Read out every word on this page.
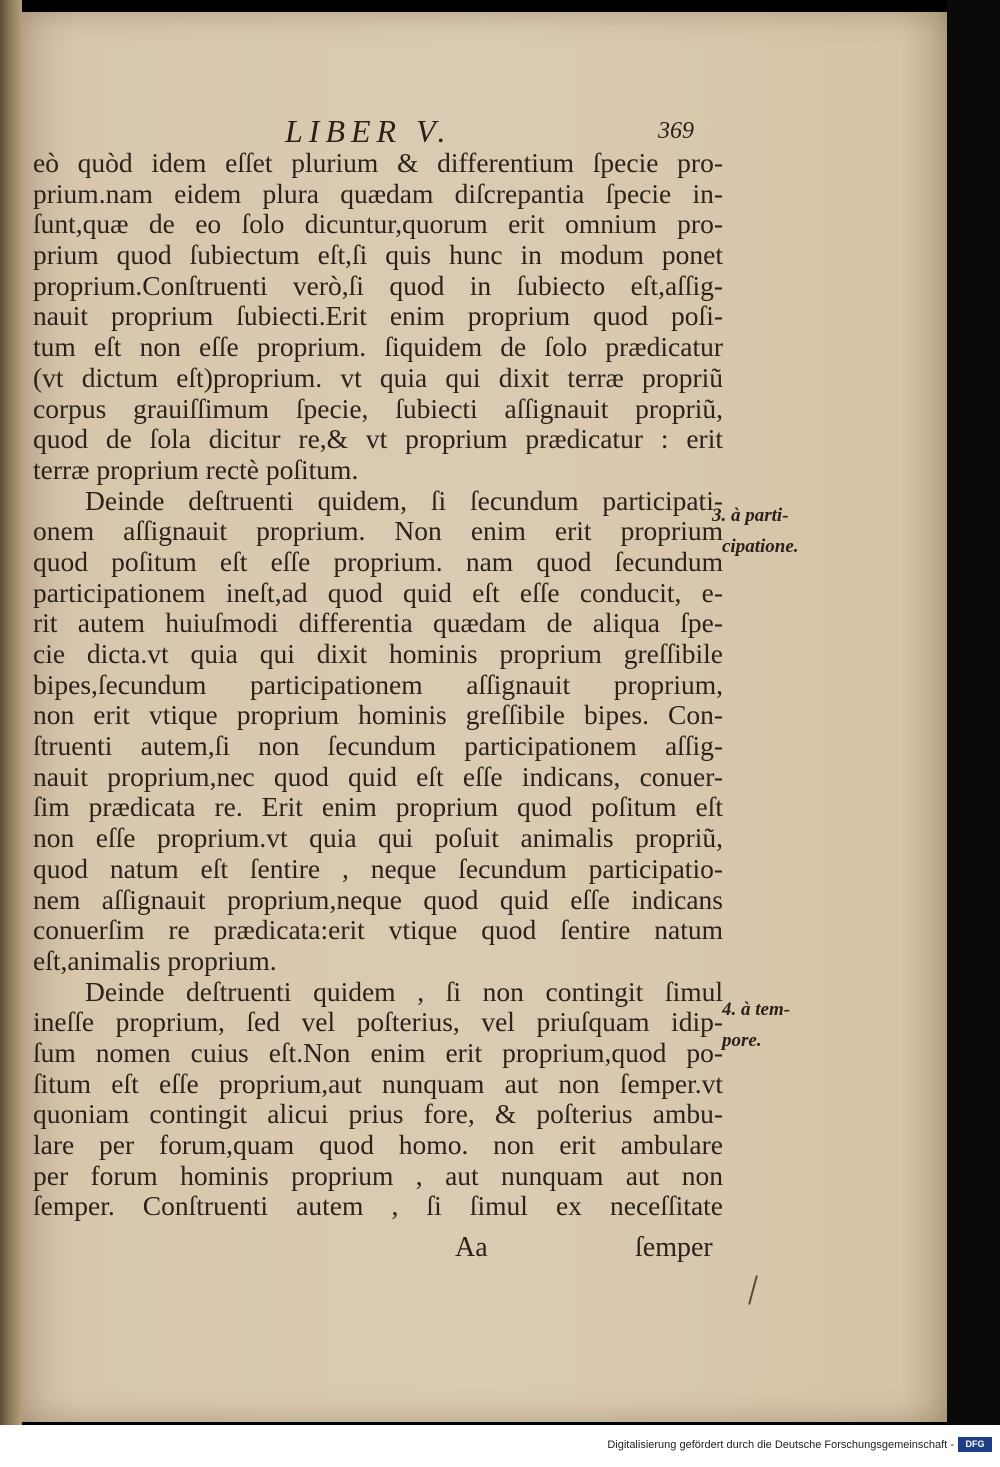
LIBER V.	369
eò quòd idem eſſet plurium & differentium ſpecie pro-
prium.nam eidem plura quædam diſcrepantia ſpecie in-
ſunt,quæ de eo ſolo dicuntur,quorum erit omnium pro-
prium quod ſubiectum eſt,ſi quis hunc in modum ponet
proprium.Conſtruenti verò,ſi quod in ſubiecto eſt,aſſig-
nauit proprium ſubiecti.Erit enim proprium quod poſi-
tum eſt non eſſe proprium. ſiquidem de ſolo prædicatur
(vt dictum eſt)proprium. vt quia qui dixit terræ propriũ
corpus grauiſſimum ſpecie, ſubiecti aſſignauit propriũ,
quod de ſola dicitur re,& vt proprium prædicatur : erit
terræ proprium rectè poſitum.
Deinde deſtruenti quidem, ſi ſecundum participati-
onem aſſignauit proprium. Non enim erit proprium
quod poſitum eſt eſſe proprium. nam quod ſecundum
participationem ineſt,ad quod quid eſt eſſe conducit, e-
rit autem huiuſmodi differentia quædam de aliqua ſpe-
cie dicta.vt quia qui dixit hominis proprium greſſibile
bipes,ſecundum participationem aſſignauit proprium,
non erit vtique proprium hominis greſſibile bipes. Con-
ſtruenti autem,ſi non ſecundum participationem aſſig-
nauit proprium,nec quod quid eſt eſſe indicans, conuer-
ſim prædicata re. Erit enim proprium quod poſitum eſt
non eſſe proprium.vt quia qui poſuit animalis propriũ,
quod natum eſt ſentire , neque ſecundum participatio-
nem aſſignauit proprium,neque quod quid eſſe indicans
conuerſim re prædicata:erit vtique quod ſentire natum
eſt,animalis proprium.
Deinde deſtruenti quidem , ſi non contingit ſimul
ineſſe proprium, ſed vel poſterius, vel priuſquam idip-
ſum nomen cuius eſt.Non enim erit proprium,quod po-
ſitum eſt eſſe proprium,aut nunquam aut non ſemper.vt
quoniam contingit alicui prius fore, & poſterius ambu-
lare per forum,quam quod homo. non erit ambulare
per forum hominis proprium , aut nunquam aut non
ſemper. Conſtruenti autem , ſi ſimul ex neceſſitate
3. à parti-
cipatione.
4. à tem-
pore.
Aa	ſemper
Digitalisierung gefördert durch die Deutsche Forschungsgemeinschaft -	DFG
